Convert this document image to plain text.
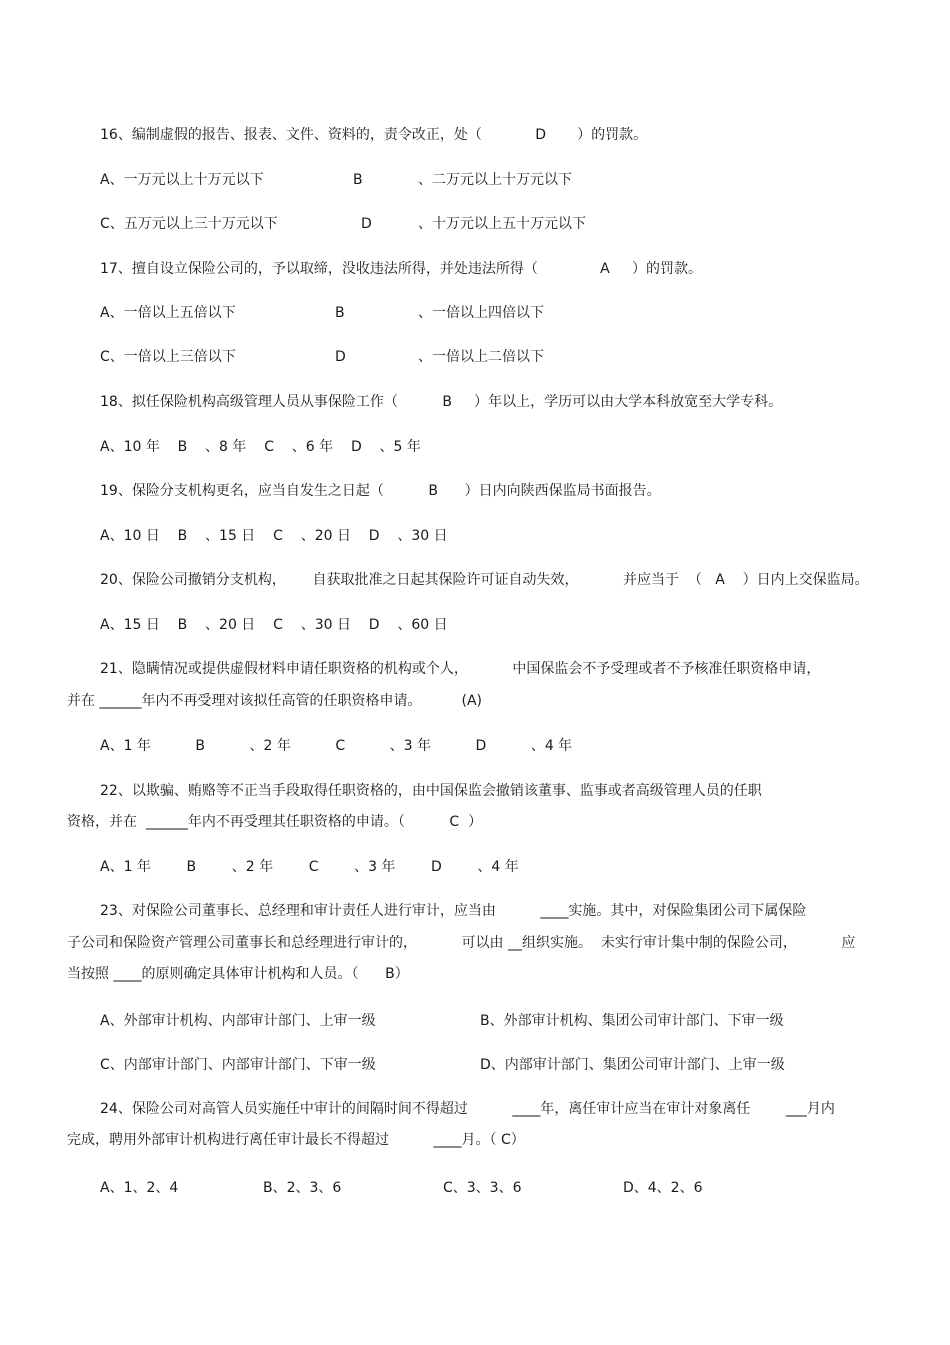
16、编制虚假的报告、报表、文件、资料的，责令改正，处（            D       ）的罚款。

A、一万元以上十万元以下

	B

	、二万元以上十万元以下

C、五万元以上三十万元以下

	D

	、十万元以上五十万元以下

17、擅自设立保险公司的，予以取缔，没收违法所得，并处违法所得（              A     ）的罚款。

A、一倍以上五倍以下

	B

	、一倍以上四倍以下

C、一倍以上三倍以下

	D

	、一倍以上二倍以下

18、拟任保险机构高级管理人员从事保险工作（          B     ）年以上，学历可以由大学本科放宽至大学专科。
A、10 年    B    、8 年    C    、6 年    D    、5 年
19、保险分支机构更名，应当自发生之日起（          B      ）日内向陕西保监局书面报告。
A、10 日    B    、15 日    C    、20 日    D    、30 日
20、保险公司撤销分支机构，      自获取批准之日起其保险许可证自动失效，          并应当于  （   A    ）日内上交保监局。
A、15 日    B    、20 日    C    、30 日    D    、60 日
21、隐瞒情况或提供虚假材料申请任职资格的机构或个人，          中国保监会不予受理或者不予核准任职资格申请，
并在 ______年内不再受理对该拟任高管的任职资格申请。         (A)
A、1 年          B          、2 年          C          、3 年          D          、4 年
22、以欺骗、贿赂等不正当手段取得任职资格的，由中国保监会撤销该董事、监事或者高级管理人员的任职
资格，并在  ______年内不再受理其任职资格的申请。（          C  ）
A、1 年        B        、2 年        C        、3 年        D        、4 年
23、对保险公司董事长、总经理和审计责任人进行审计，应当由          ____实施。其中，对保险集团公司下属保险
子公司和保险资产管理公司董事长和总经理进行审计的，          可以由 __组织实施。  未实行审计集中制的保险公司，          应
当按照 ____的原则确定具体审计机构和人员。（      B）

A、外部审计机构、内部审计部门、上审一级

	B、外部审计机构、集团公司审计部门、下审一级

C、内部审计部门、内部审计部门、下审一级

	D、内部审计部门、集团公司审计部门、上审一级

24、保险公司对高管人员实施任中审计的间隔时间不得超过          ____年，离任审计应当在审计对象离任        ___月内
完成，聘用外部审计机构进行离任审计最长不得超过          ____月。（ C）

A、1、2、4

	B、2、3、6

	C、3、3、6

	D、4、2、6
